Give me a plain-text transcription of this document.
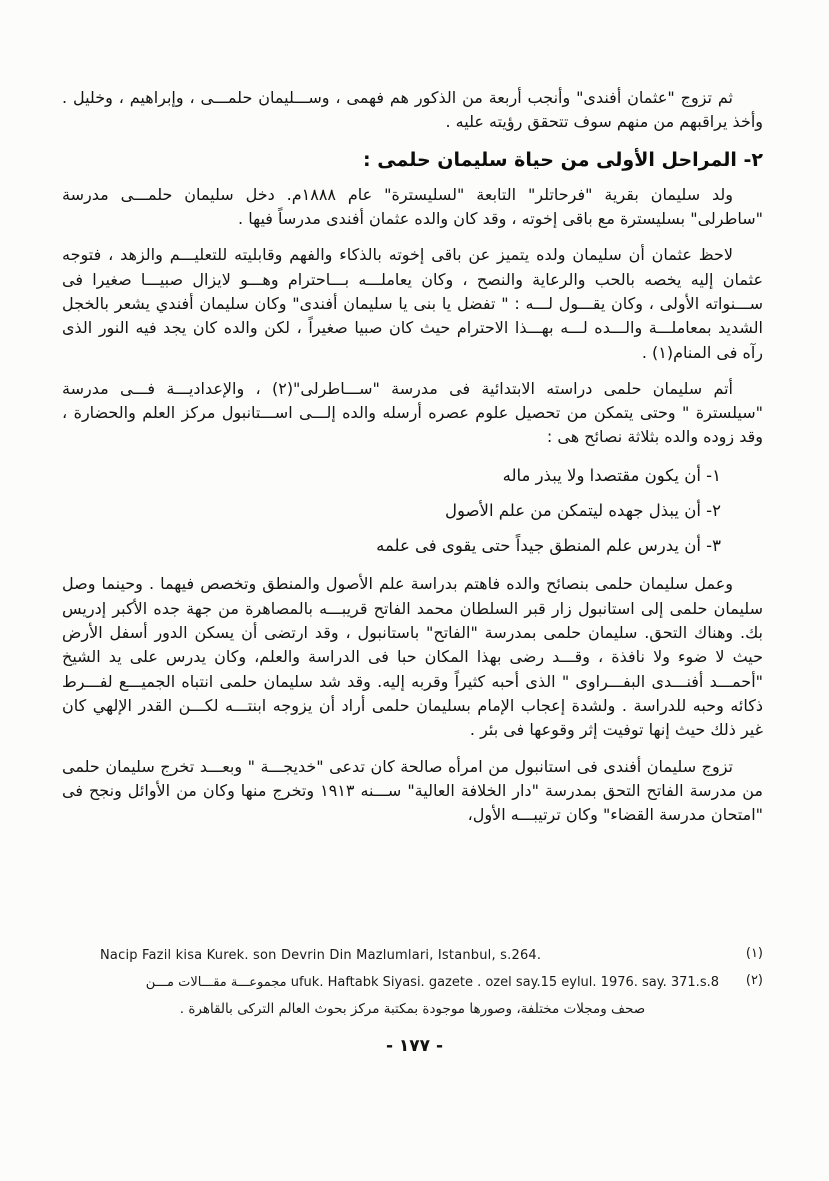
ثم تزوج "عثمان أفندى" وأنجب أربعة من الذكور هم فهمى ، وســـليمان حلمـــى ، وإبراهيم ، وخليل . وأخذ يراقبهم من منهم سوف تتحقق رؤيته عليه .

٢- المراحل الأولى من حياة سليمان حلمى :

ولد سليمان بقرية "فرحاتلر" التابعة "لسليسترة" عام ١٨٨٨م. دخل سليمان حلمـــى مدرسة "ساطرلى" بسليسترة مع باقى إخوته ، وقد كان والده عثمان أفندى مدرساً فيها .

لاحظ عثمان أن سليمان ولده يتميز عن باقى إخوته بالذكاء والفهم وقابليته للتعليـــم والزهد ، فتوجه عثمان إليه يخصه بالحب والرعاية والنصح ، وكان يعاملـــه بـــاحترام وهـــو لايزال صبيـــا صغيرا فى ســـنواته الأولى ، وكان يقـــول لـــه : " تفضل يا بنى يا سليمان أفندى" وكان سليمان أفندي يشعر بالخجل الشديد بمعاملـــة والـــده لـــه بهـــذا الاحترام حيث كان صبيا صغيراً ، لكن والده كان يجد فيه النور الذى رآه فى المنام(١) .

أتم سليمان حلمى دراسته الابتدائية فى مدرسة "ســـاطرلى"(٢) ، والإعداديـــة فـــى مدرسة "سيلسترة " وحتى يتمكن من تحصيل علوم عصره أرسله والده إلـــى اســـتانبول مركز العلم والحضارة ، وقد زوده والده بثلاثة نصائح هى :

١- أن يكون مقتصدا ولا يبذر ماله
٢- أن يبذل جهده ليتمكن من علم الأصول
٣- أن يدرس علم المنطق جيداً حتى يقوى فى علمه

وعمل سليمان حلمى بنصائح والده فاهتم بدراسة علم الأصول والمنطق وتخصص فيهما . وحينما وصل سليمان حلمى إلى استانبول زار قبر السلطان محمد الفاتح قريبـــه بالمصاهرة من جهة جده الأكبر إدريس بك. وهناك التحق. سليمان حلمى بمدرسة "الفاتح" باستانبول ، وقد ارتضى أن يسكن الدور أسفل الأرض حيث لا ضوء ولا نافذة ، وقـــد رضى بهذا المكان حبا فى الدراسة والعلم، وكان يدرس على يد الشيخ "أحمـــد أفنـــدى البفـــراوى " الذى أحبه كثيراً وقربه إليه. وقد شد سليمان حلمى انتباه الجميـــع لفـــرط ذكائه وحبه للدراسة . ولشدة إعجاب الإمام بسليمان حلمى أراد أن يزوجه ابنتـــه لكـــن القدر الإلهي كان غير ذلك حيث إنها توفيت إثر وقوعها فى بئر .

تزوج سليمان أفندى فى استانبول من امرأه صالحة كان تدعى "خديجـــة " وبعـــد تخرج سليمان حلمى من مدرسة الفاتح التحق بمدرسة "دار الخلافة العالية" ســـنه ١٩١٣ وتخرج منها وكان من الأوائل ونجح فى "امتحان مدرسة القضاء" وكان ترتيبـــه الأول،

Nacip Fazil kisa Kurek. son Devrin Din Mazlumlari, Istanbul, s.264.	(١)
ufuk. Haftabk Siyasi. gazete . ozel say.15 eylul. 1976. say. 371.s.8 مجموعـــة مقـــالات مـــن	(٢)
صحف ومجلات مختلفة، وصورها موجودة بمكتبة مركز بحوث العالم التركى بالقاهرة .
- ١٧٧ -
